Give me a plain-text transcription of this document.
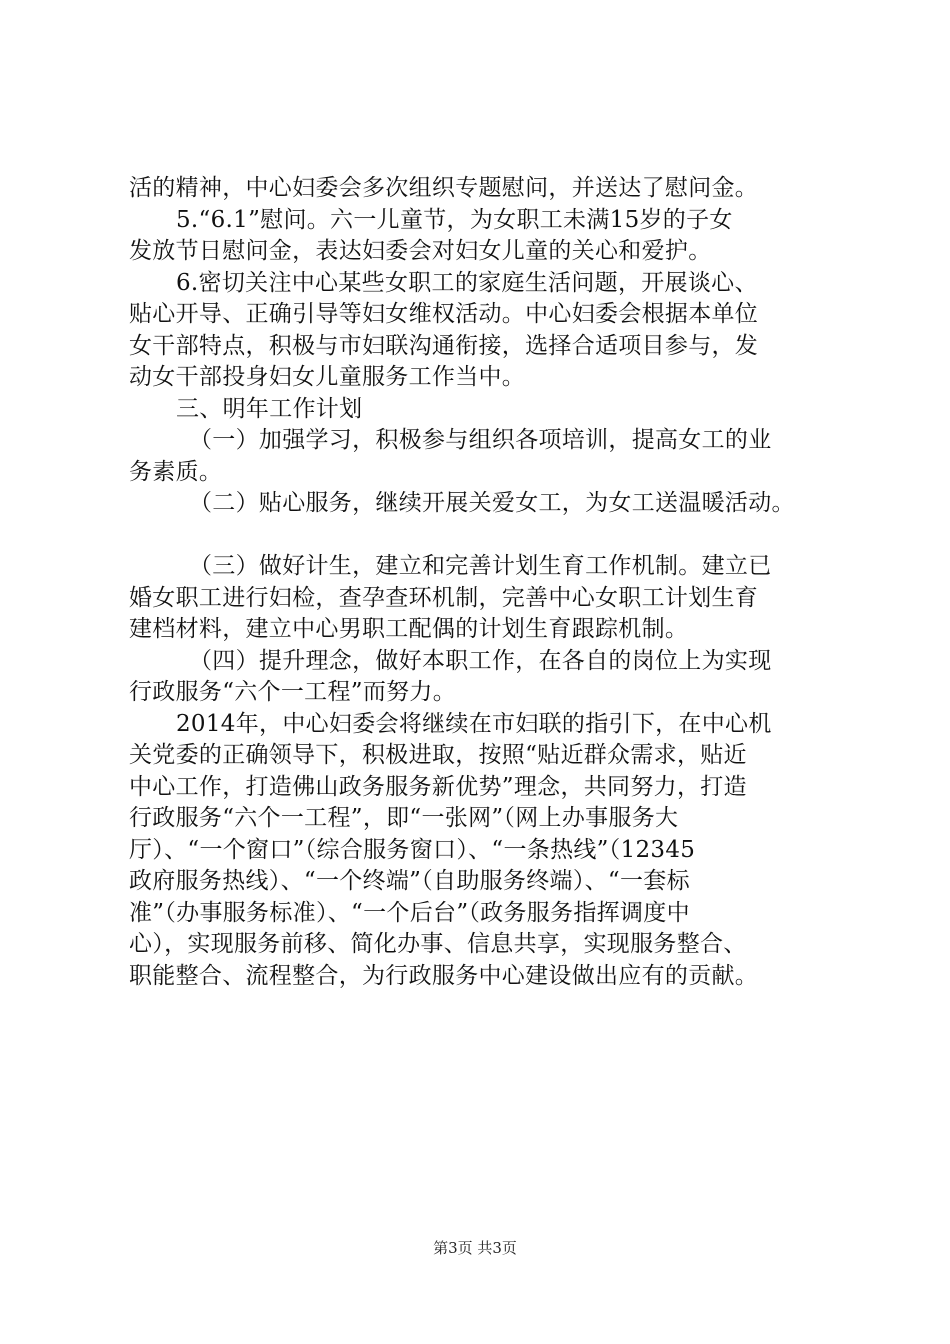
活的精神，中心妇委会多次组织专题慰问，并送达了慰问金。
5.“6.1”慰问。六一儿童节，为女职工未满15岁的子女
发放节日慰问金，表达妇委会对妇女儿童的关心和爱护。
6.密切关注中心某些女职工的家庭生活问题，开展谈心、
贴心开导、正确引导等妇女维权活动。中心妇委会根据本单位
女干部特点，积极与市妇联沟通衔接，选择合适项目参与，发
动女干部投身妇女儿童服务工作当中。
三、明年工作计划
（一）加强学习，积极参与组织各项培训，提高女工的业
务素质。
（二）贴心服务，继续开展关爱女工，为女工送温暖活动。
（三）做好计生，建立和完善计划生育工作机制。建立已
婚女职工进行妇检，查孕查环机制，完善中心女职工计划生育
建档材料，建立中心男职工配偶的计划生育跟踪机制。
（四）提升理念，做好本职工作，在各自的岗位上为实现
行政服务“六个一工程”而努力。
2014年，中心妇委会将继续在市妇联的指引下，在中心机
关党委的正确领导下，积极进取，按照“贴近群众需求，贴近
中心工作，打造佛山政务服务新优势”理念，共同努力，打造
行政服务“六个一工程”，即“一张网”（网上办事服务大
厅）、“一个窗口”（综合服务窗口）、“一条热线”（12345
政府服务热线）、“一个终端”（自助服务终端）、“一套标
准”（办事服务标准）、“一个后台”（政务服务指挥调度中
心），实现服务前移、简化办事、信息共享，实现服务整合、
职能整合、流程整合，为行政服务中心建设做出应有的贡献。
第3页 共3页
